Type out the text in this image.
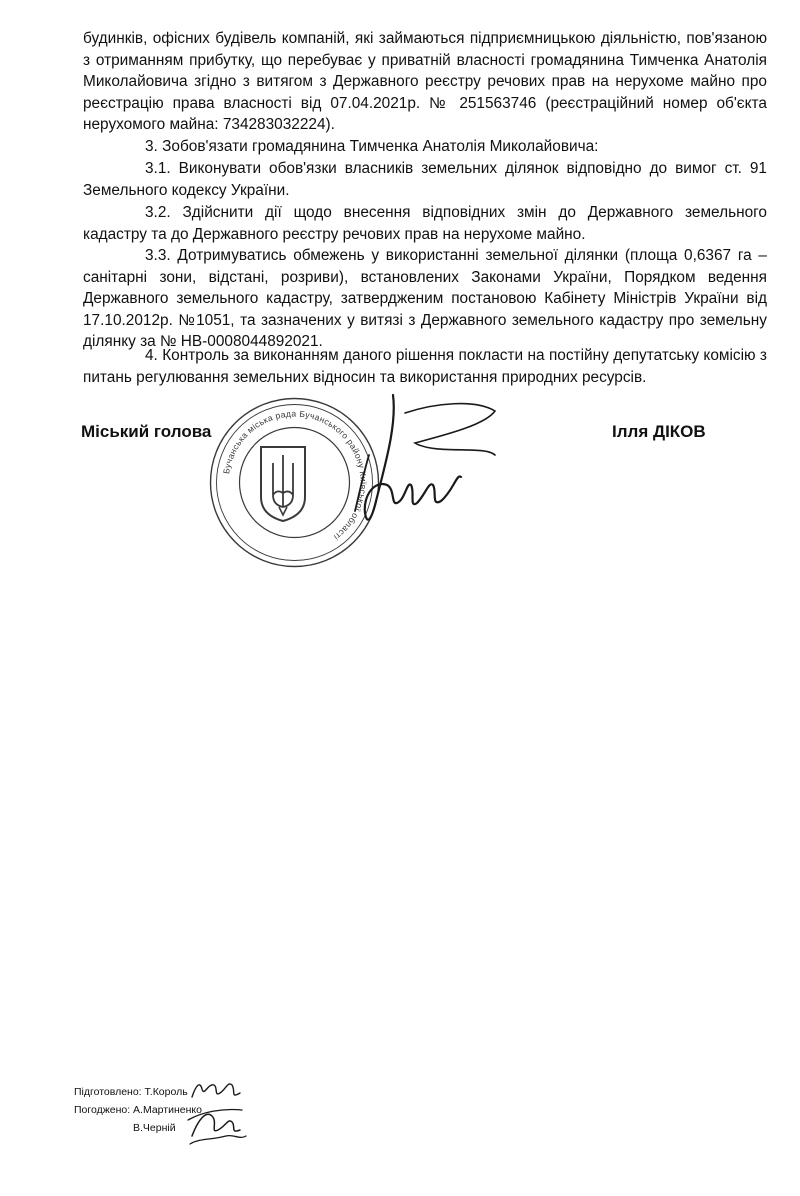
будинків, офісних будівель компаній, які займаються підприємницькою діяльністю, пов'язаною з отриманням прибутку, що перебуває у приватній власності громадянина Тимченка Анатолія Миколайовича згідно з витягом з Державного реєстру речових прав на нерухоме майно про реєстрацію права власності від 07.04.2021р. № 251563746 (реєстраційний номер об'єкта нерухомого майна: 734283032224).

3. Зобов'язати громадянина Тимченка Анатолія Миколайовича:

3.1. Виконувати обов'язки власників земельних ділянок відповідно до вимог ст. 91 Земельного кодексу України.

3.2. Здійснити дії щодо внесення відповідних змін до Державного земельного кадастру та до Державного реєстру речових прав на нерухоме майно.

3.3. Дотримуватись обмежень у використанні земельної ділянки (площа 0,6367 га – санітарні зони, відстані, розриви), встановлених Законами України, Порядком ведення Державного земельного кадастру, затвердженим постановою Кабінету Міністрів України від 17.10.2012р. №1051, та зазначених у витязі з Державного земельного кадастру про земельну ділянку за № НВ-0008044892021.

4. Контроль за виконанням даного рішення покласти на постійну депутатську комісію з питань регулювання земельних відносин та використання природних ресурсів.

Міський голова	Ілля ДІКОВ
Бучанська міська рада Бучанського району Київської області
Підготовлено: Т.Король
Погоджено: А.Мартиненко
В.Черній
